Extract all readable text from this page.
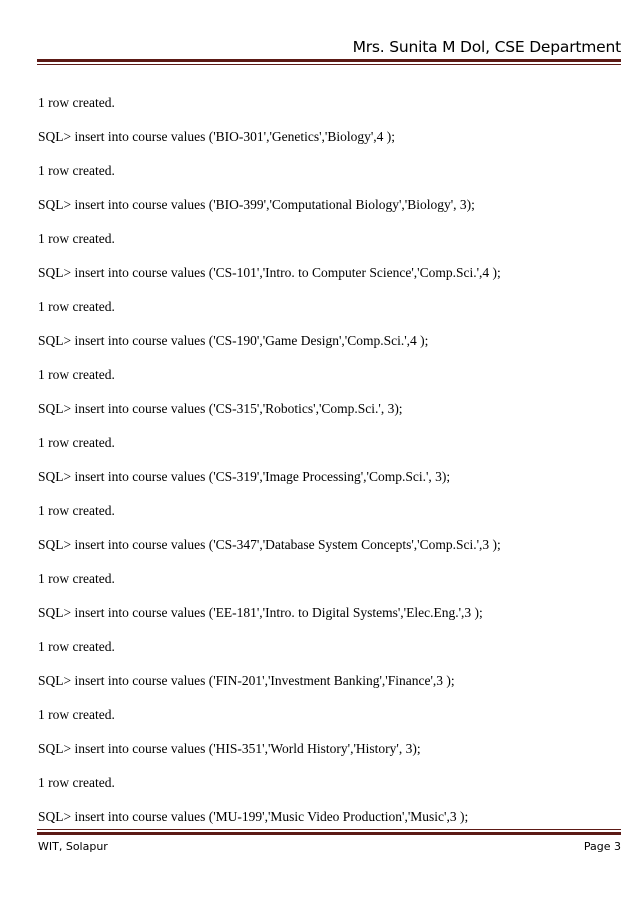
Mrs. Sunita M Dol, CSE Department
1 row created.
SQL> insert into course values ('BIO-301','Genetics','Biology',4 );
1 row created.
SQL> insert into course values ('BIO-399','Computational Biology','Biology', 3);
1 row created.
SQL> insert into course values ('CS-101','Intro. to Computer Science','Comp.Sci.',4 );
1 row created.
SQL> insert into course values ('CS-190','Game Design','Comp.Sci.',4 );
1 row created.
SQL> insert into course values ('CS-315','Robotics','Comp.Sci.', 3);
1 row created.
SQL> insert into course values ('CS-319','Image Processing','Comp.Sci.', 3);
1 row created.
SQL> insert into course values ('CS-347','Database System Concepts','Comp.Sci.',3 );
1 row created.
SQL> insert into course values ('EE-181','Intro. to Digital Systems','Elec.Eng.',3 );
1 row created.
SQL> insert into course values ('FIN-201','Investment Banking','Finance',3 );
1 row created.
SQL> insert into course values ('HIS-351','World History','History', 3);
1 row created.
SQL> insert into course values ('MU-199','Music Video Production','Music',3 );
WIT, Solapur	Page 3
